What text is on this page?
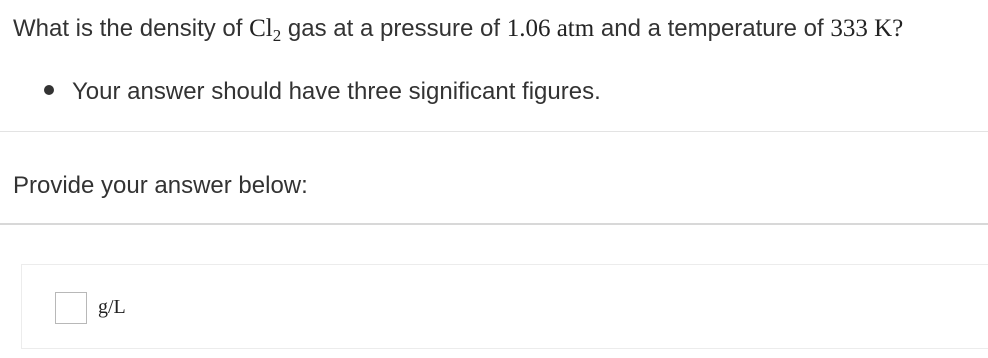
What is the density of $Cl_2$ gas at a pressure of 1.06 atm and a temperature of 333 K?
Your answer should have three significant figures.
Provide your answer below:
g/L
